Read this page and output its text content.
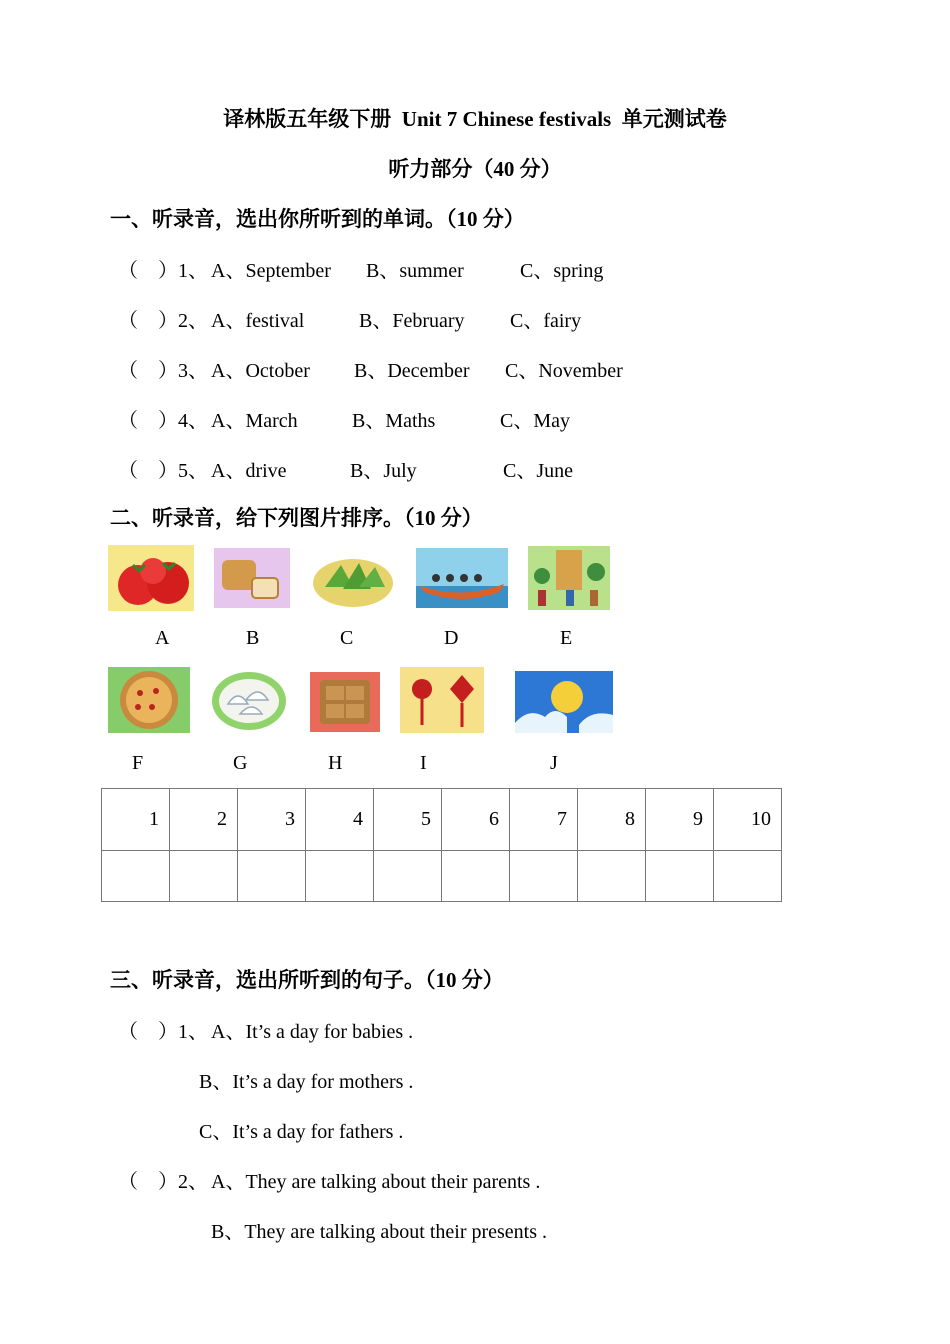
译林版五年级下册  Unit 7 Chinese festivals  单元测试卷
听力部分（40 分）
一、听录音，选出你所听到的单词。（10 分）
（    ）1、 A、September B、summer	C、spring
（    ）2、 A、festival	B、February C、fairy
（    ）3、 A、October B、December C、November
（    ）4、 A、March	B、Maths	C、May
（    ）5、 A、drive	B、July	C、June
二、听录音，给下列图片排序。（10 分）
A	B	C	D	E
F	G	H	I	J
1	2	3	4	5	6	7	8	9	10

三、听录音，选出所听到的句子。（10 分）
（    ）1、 A、It’s a day for babies .
B、It’s a day for mothers .
C、It’s a day for fathers .
（    ）2、 A、They are talking about their parents .
B、They are talking about their presents .
